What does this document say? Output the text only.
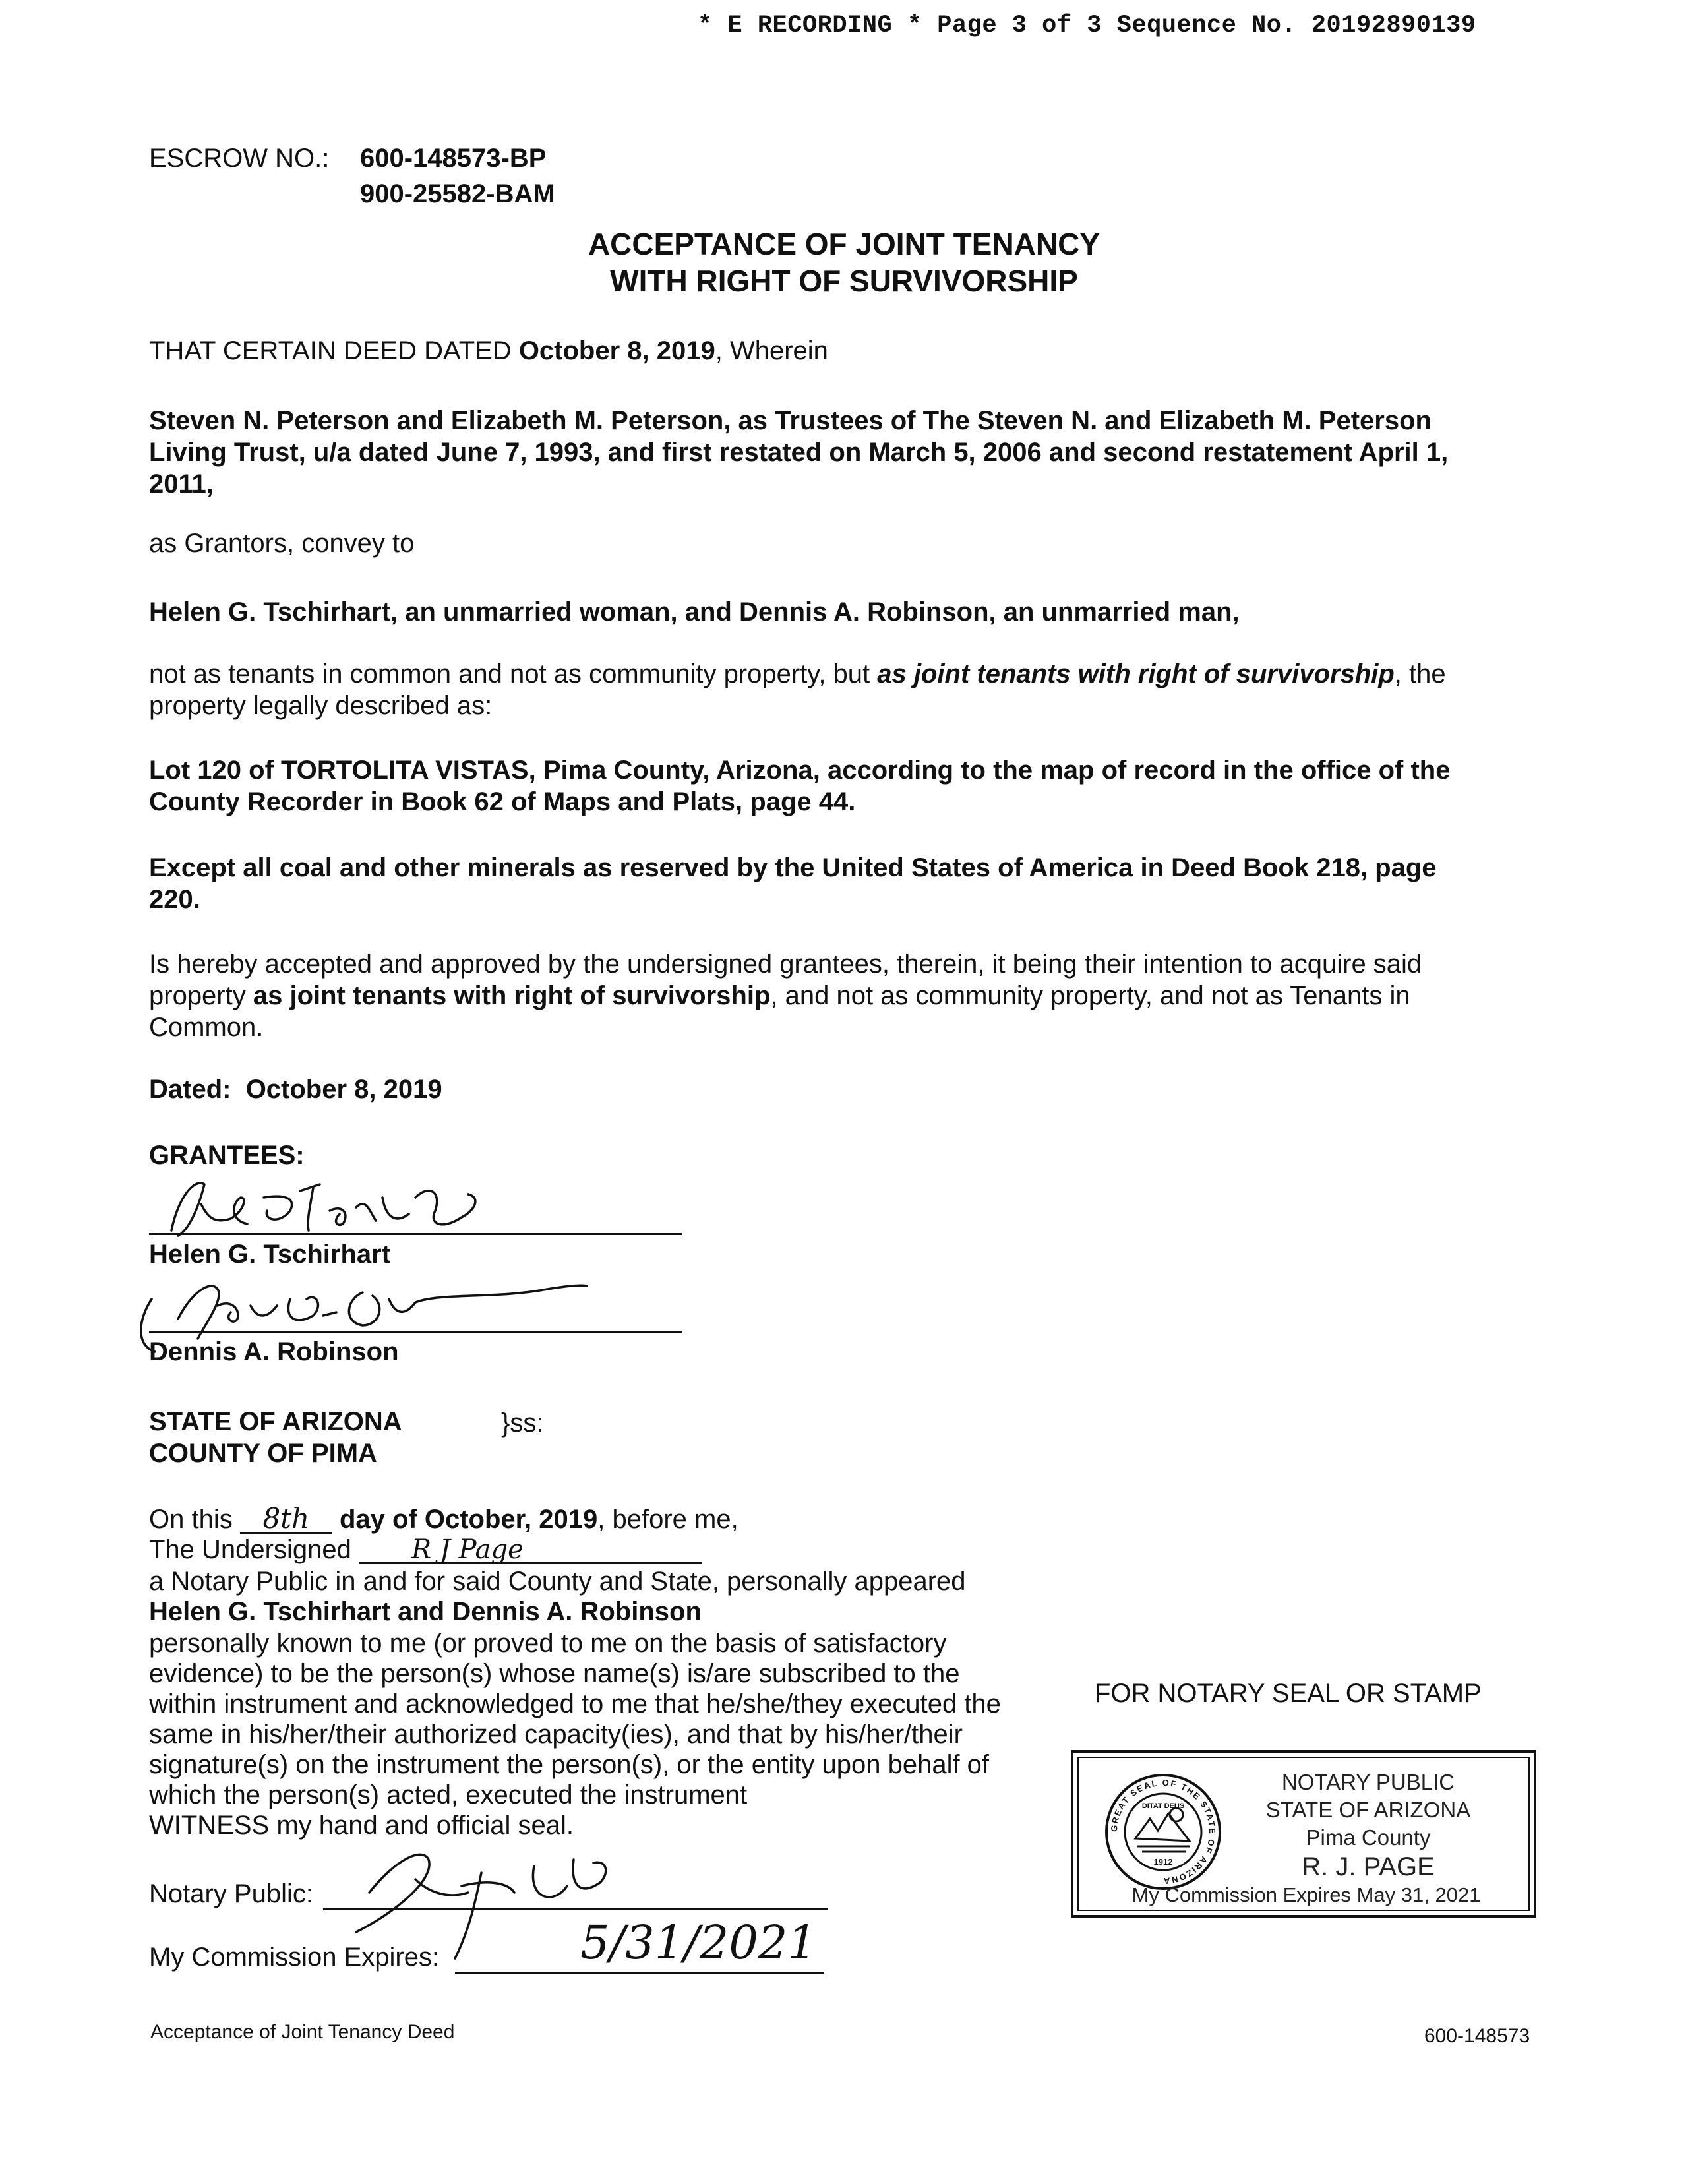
* E RECORDING * Page 3 of 3 Sequence No. 20192890139
ESCROW NO.: 600-148573-BP
900-25582-BAM
ACCEPTANCE OF JOINT TENANCY
WITH RIGHT OF SURVIVORSHIP
THAT CERTAIN DEED DATED October 8, 2019, Wherein
Steven N. Peterson and Elizabeth M. Peterson, as Trustees of The Steven N. and Elizabeth M. Peterson
Living Trust, u/a dated June 7, 1993, and first restated on March 5, 2006 and second restatement April 1,
2011,
as Grantors, convey to
Helen G. Tschirhart, an unmarried woman, and Dennis A. Robinson, an unmarried man,
not as tenants in common and not as community property, but as joint tenants with right of survivorship, the
property legally described as:
Lot 120 of TORTOLITA VISTAS, Pima County, Arizona, according to the map of record in the office of the
County Recorder in Book 62 of Maps and Plats, page 44.
Except all coal and other minerals as reserved by the United States of America in Deed Book 218, page
220.
Is hereby accepted and approved by the undersigned grantees, therein, it being their intention to acquire said
property as joint tenants with right of survivorship, and not as community property, and not as Tenants in
Common.
Dated: October 8, 2019
GRANTEES:
Helen G. Tschirhart
Dennis A. Robinson
STATE OF ARIZONA
COUNTY OF PIMA
}ss:
On this 8th day of October, 2019, before me,
The Undersigned R J Page
a Notary Public in and for said County and State, personally appeared
Helen G. Tschirhart and Dennis A. Robinson
personally known to me (or proved to me on the basis of satisfactory
evidence) to be the person(s) whose name(s) is/are subscribed to the
within instrument and acknowledged to me that he/she/they executed the
same in his/her/their authorized capacity(ies), and that by his/her/their
signature(s) on the instrument the person(s), or the entity upon behalf of
which the person(s) acted, executed the instrument
WITNESS my hand and official seal.
Notary Public:
My Commission Expires:	5/31/2021
FOR NOTARY SEAL OR STAMP
GREAT SEAL OF THE STATE OF ARIZONA
DITAT DEUS
1912
NOTARY PUBLIC
STATE OF ARIZONA
Pima County
R. J. PAGE
My Commission Expires May 31, 2021
Acceptance of Joint Tenancy Deed	600-148573
